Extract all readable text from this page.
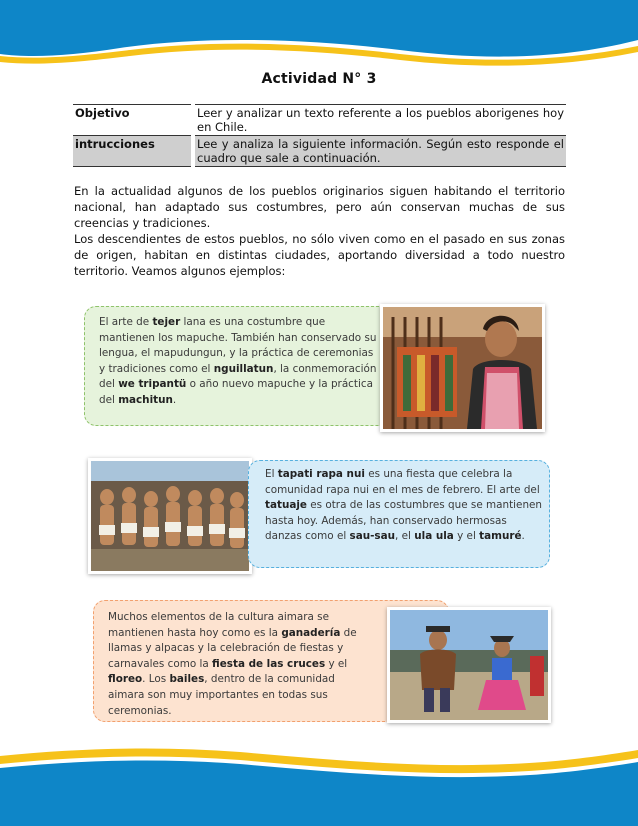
Actividad N° 3
Objetivo	Leer y analizar un texto referente a los pueblos aborigenes hoy en Chile.
intrucciones	Lee y analiza la siguiente información. Según esto responde el cuadro que sale a continuación.

En la actualidad algunos de los pueblos originarios siguen habitando el territorio nacional, han adaptado sus costumbres, pero aún conservan muchas de sus creencias y tradiciones.

Los descendientes de estos pueblos, no sólo viven como en el pasado en sus zonas de origen, habitan en distintas ciudades, aportando diversidad a todo nuestro territorio. Veamos algunos ejemplos:

El arte de tejer lana es una costumbre que mantienen los mapuche. También han conservado su lengua, el mapudungun, y la práctica de ceremonias y tradiciones como el nguillatun, la conmemoración del we tripantü o año nuevo mapuche y la práctica del machitun.

El tapati rapa nui es una fiesta que celebra la comunidad rapa nui en el mes de febrero. El arte del tatuaje es otra de las costumbres que se mantienen hasta hoy. Además, han conservado hermosas danzas como el sau-sau, el ula ula y el tamuré.

Muchos elementos de la cultura aimara se mantienen hasta hoy como es la ganadería de llamas y alpacas y la celebración de fiestas y carnavales como la fiesta de las cruces y el floreo. Los bailes, dentro de la comunidad aimara son muy importantes en todas sus ceremonias.
